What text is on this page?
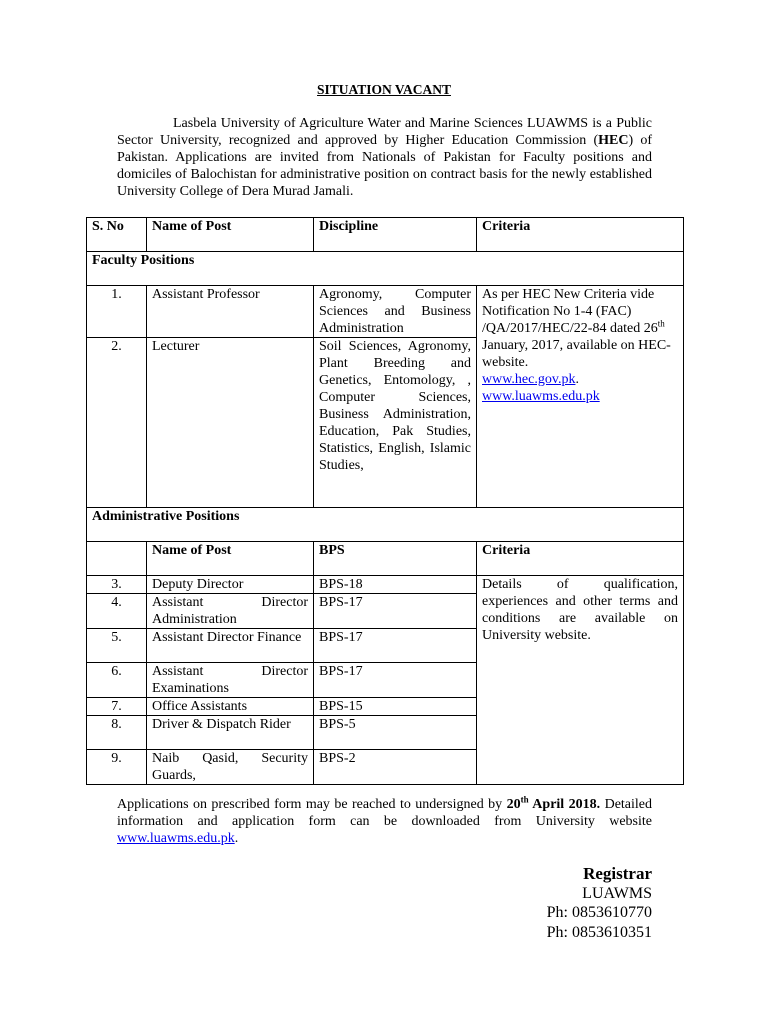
SITUATION VACANT

Lasbela University of Agriculture Water and Marine Sciences LUAWMS is a Public Sector University, recognized and approved by Higher Education Commission (HEC) of Pakistan. Applications are invited from Nationals of Pakistan for Faculty positions and domiciles of Balochistan for administrative position on contract basis for the newly established University College of Dera Murad Jamali.

S. No	Name of Post	Discipline	Criteria
Faculty Positions			
1.	Assistant Professor	Agronomy, Computer Sciences and Business Administration	As per HEC New Criteria vide Notification No 1-4 (FAC) /QA/2017/HEC/22-84 dated 26th January, 2017, available on HEC-website.
www.hec.gov.pk.
www.luawms.edu.pk
2.	Lecturer	Soil Sciences, Agronomy, Plant Breeding and Genetics, Entomology, , Computer Sciences, Business Administration, Education, Pak Studies, Statistics, English, Islamic Studies,	
Administrative Positions			
	Name of Post	BPS	Criteria
3.	Deputy Director	BPS-18	Details of qualification, experiences and other terms and conditions are available on University website.
4.	Assistant Director Administration	BPS-17	
5.	Assistant Director Finance	BPS-17	
6.	Assistant Director Examinations	BPS-17	
7.	Office Assistants	BPS-15	
8.	Driver & Dispatch Rider	BPS-5	
9.	Naib Qasid, Security Guards,	BPS-2	

Applications on prescribed form may be reached to undersigned by 20th April 2018. Detailed information and application form can be downloaded from University website www.luawms.edu.pk.

Registrar
LUAWMS
Ph: 0853610770
Ph: 0853610351
